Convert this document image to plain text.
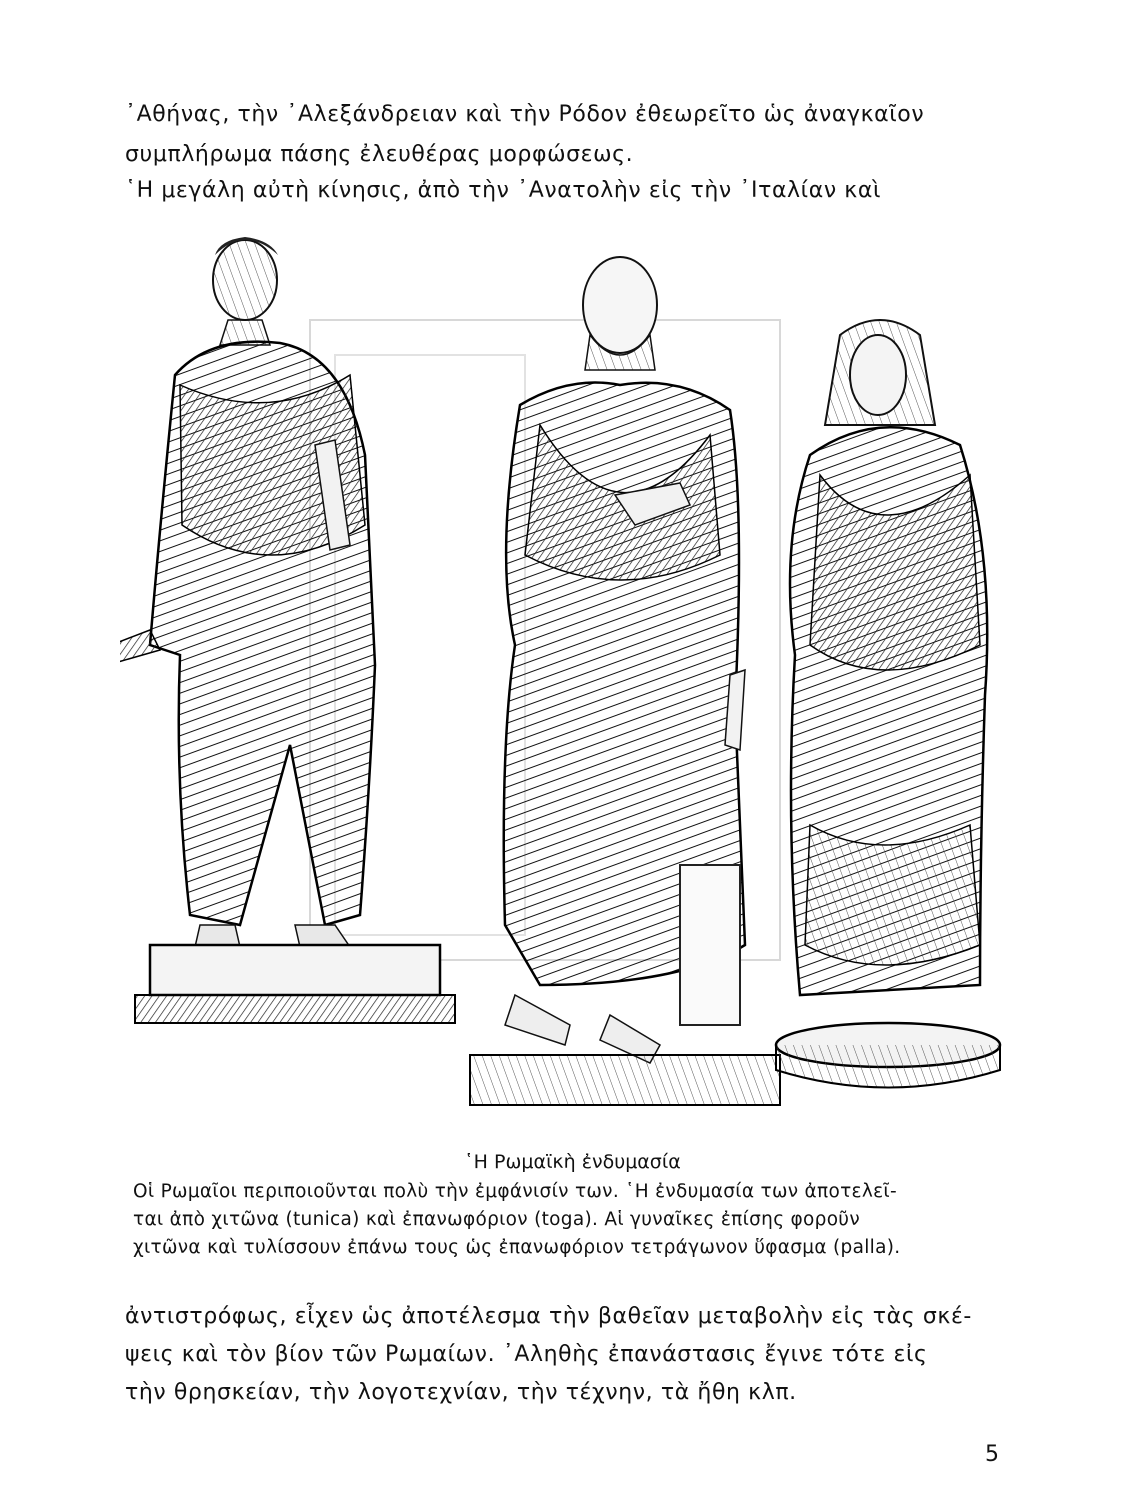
᾿Αθήνας, τὴν ᾿Αλεξάνδρειαν καὶ τὴν Ρόδον ἐθεωρεῖτο ὡς ἀναγκαῖον
συμπλήρωμα πάσης ἐλευθέρας μορφώσεως.
῾Η μεγάλη αὐτὴ κίνησις, ἀπὸ τὴν ᾿Ανατολὴν εἰς τὴν ᾿Ιταλίαν καὶ
῾Η Ρωμαϊκὴ ἐνδυμασία
Οἱ Ρωμαῖοι περιποιοῦνται πολὺ τὴν ἐμφάνισίν των. ῾Η ἐνδυμασία των ἀποτελεῖ-
ται ἀπὸ χιτῶνα (tunica) καὶ ἐπανωφόριον (toga). Αἱ γυναῖκες ἐπίσης φοροῦν
χιτῶνα καὶ τυλίσσουν ἐπάνω τους ὡς ἐπανωφόριον τετράγωνον ὕφασμα (palla).
ἀντιστρόφως, εἶχεν ὡς ἀποτέλεσμα τὴν βαθεῖαν μεταβολὴν εἰς τὰς σκέ-
ψεις καὶ τὸν βίον τῶν Ρωμαίων. ᾿Αληθὴς ἐπανάστασις ἔγινε τότε εἰς
τὴν θρησκείαν, τὴν λογοτεχνίαν, τὴν τέχνην, τὰ ἤθη κλπ.
5
